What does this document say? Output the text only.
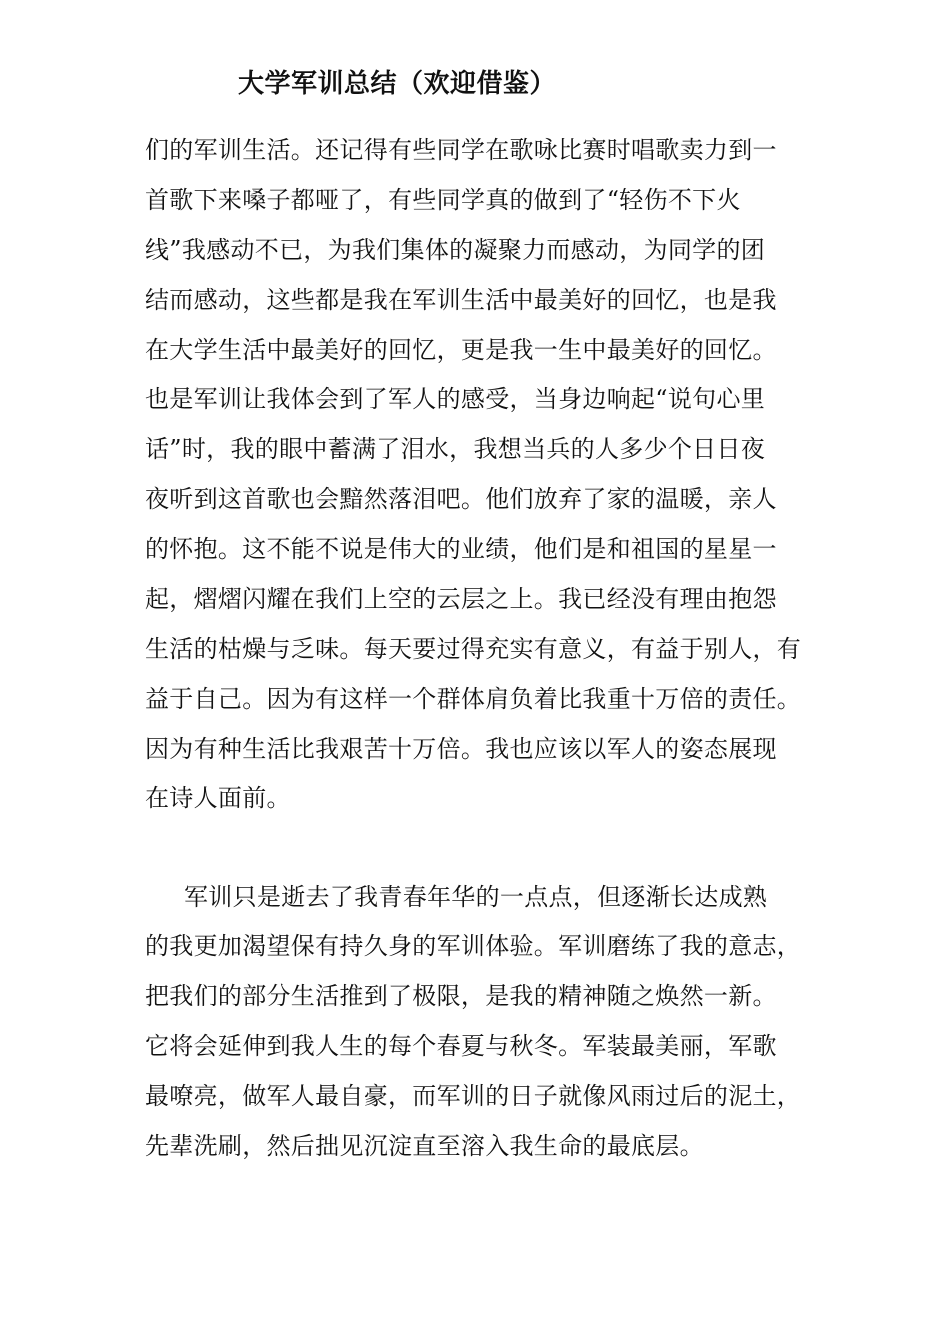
大学军训总结（欢迎借鉴）
们的军训生活。还记得有些同学在歌咏比赛时唱歌卖力到一
首歌下来嗓子都哑了，有些同学真的做到了“轻伤不下火
线”我感动不已，为我们集体的凝聚力而感动，为同学的团
结而感动，这些都是我在军训生活中最美好的回忆，也是我
在大学生活中最美好的回忆，更是我一生中最美好的回忆。
也是军训让我体会到了军人的感受，当身边响起“说句心里
话”时，我的眼中蓄满了泪水，我想当兵的人多少个日日夜
夜听到这首歌也会黯然落泪吧。他们放弃了家的温暖，亲人
的怀抱。这不能不说是伟大的业绩，他们是和祖国的星星一
起，熠熠闪耀在我们上空的云层之上。我已经没有理由抱怨
生活的枯燥与乏味。每天要过得充实有意义，有益于别人，有
益于自己。因为有这样一个群体肩负着比我重十万倍的责任。
因为有种生活比我艰苦十万倍。我也应该以军人的姿态展现
在诗人面前。
军训只是逝去了我青春年华的一点点，但逐渐长达成熟
的我更加渴望保有持久身的军训体验。军训磨练了我的意志，
把我们的部分生活推到了极限，是我的精神随之焕然一新。
它将会延伸到我人生的每个春夏与秋冬。军装最美丽，军歌
最嘹亮，做军人最自豪，而军训的日子就像风雨过后的泥土，
先辈洗刷，然后拙见沉淀直至溶入我生命的最底层。
